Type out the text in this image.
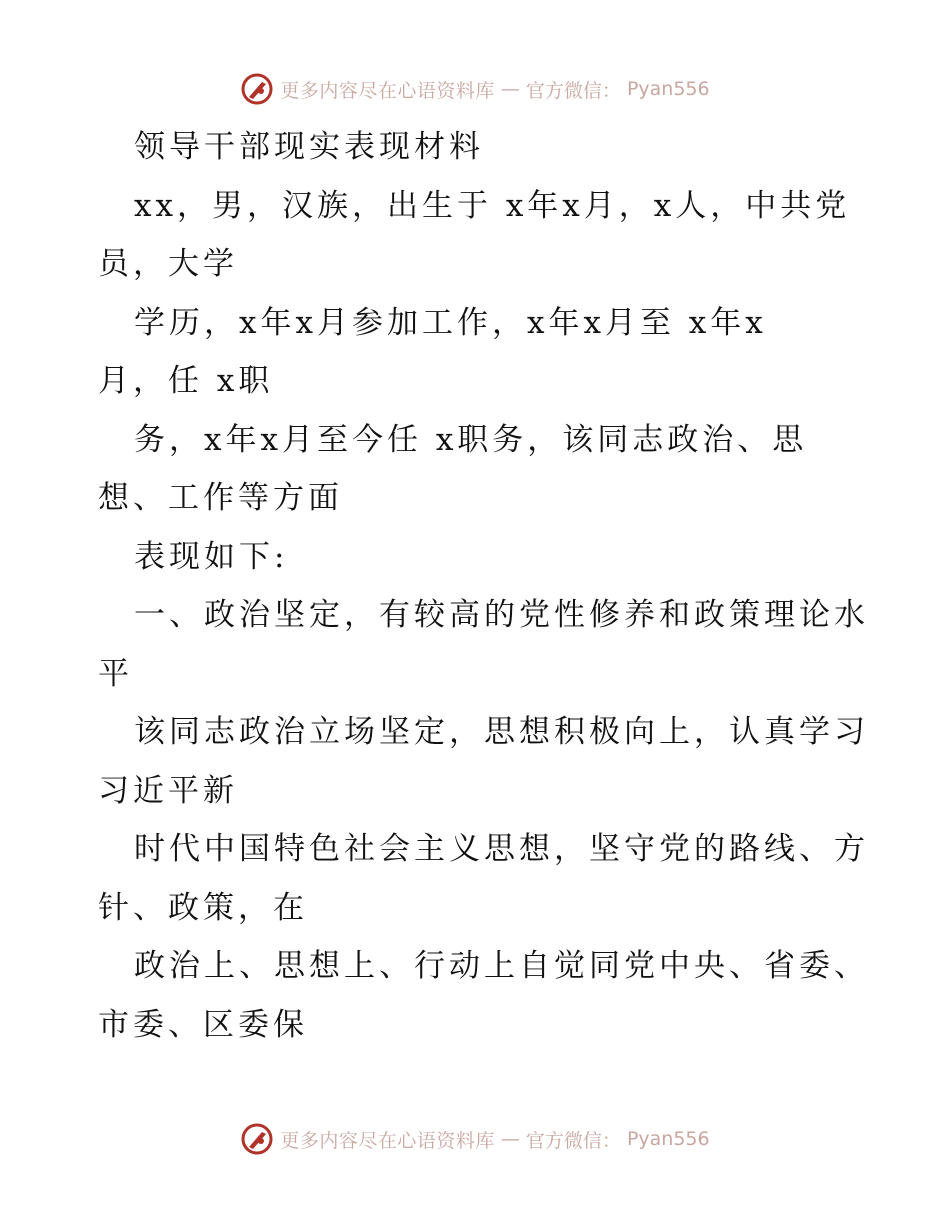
更多内容尽在心语资料库 — 官方微信： Pyan556

领导干部现实表现材料

xx，男，汉族，出生于 x年x月，x人，中共党

员，大学

学历，x年x月参加工作，x年x月至 x年x

月，任 x职

务，x年x月至今任 x职务，该同志政治、思

想、工作等方面

表现如下:

一、政治坚定，有较高的党性修养和政策理论水

平

该同志政治立场坚定，思想积极向上，认真学习

习近平新

时代中国特色社会主义思想，坚守党的路线、方

针、政策，在

政治上、思想上、行动上自觉同党中央、省委、

市委、区委保

更多内容尽在心语资料库 — 官方微信： Pyan556
